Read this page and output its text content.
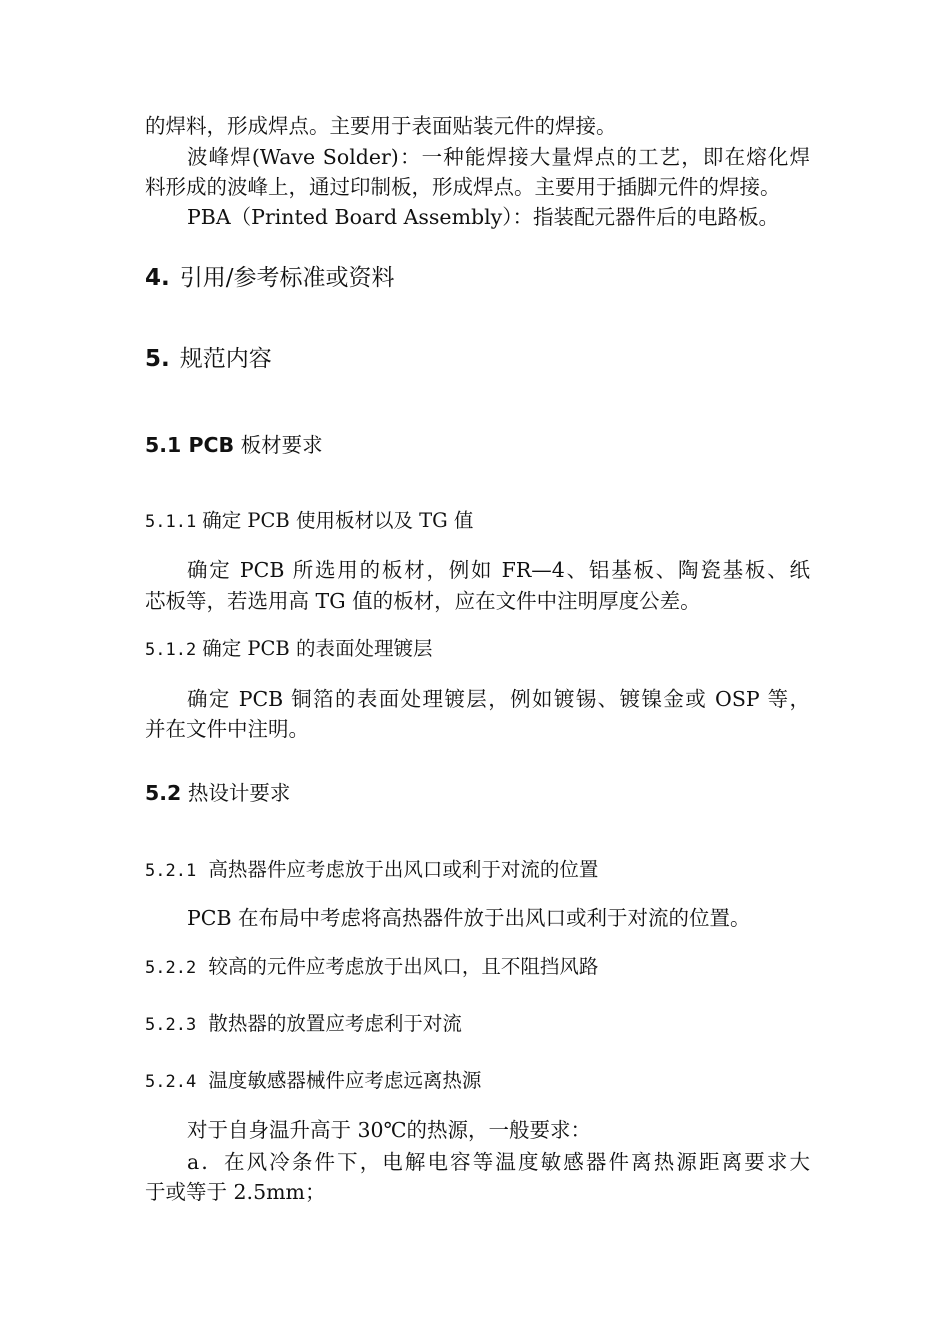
的焊料，形成焊点。主要用于表面贴装元件的焊接。
波峰焊(Wave Solder)：一种能焊接大量焊点的工艺，即在熔化焊
料形成的波峰上，通过印制板，形成焊点。主要用于插脚元件的焊接。
PBA（Printed Board Assembly）：指装配元器件后的电路板。
4. 引用/参考标准或资料
5. 规范内容
5.1 PCB 板材要求
5.1.1 确定 PCB 使用板材以及 TG 值
确定 PCB 所选用的板材，例如 FR—4、铝基板、陶瓷基板、纸
芯板等，若选用高 TG 值的板材，应在文件中注明厚度公差。
5.1.2 确定 PCB 的表面处理镀层
确定 PCB 铜箔的表面处理镀层，例如镀锡、镀镍金或 OSP 等，
并在文件中注明。
5.2 热设计要求
5.2.1 高热器件应考虑放于出风口或利于对流的位置
PCB 在布局中考虑将高热器件放于出风口或利于对流的位置。
5.2.2 较高的元件应考虑放于出风口，且不阻挡风路
5.2.3 散热器的放置应考虑利于对流
5.2.4 温度敏感器械件应考虑远离热源
对于自身温升高于 30℃的热源，一般要求：
a．在风冷条件下，电解电容等温度敏感器件离热源距离要求大
于或等于 2.5mm；
